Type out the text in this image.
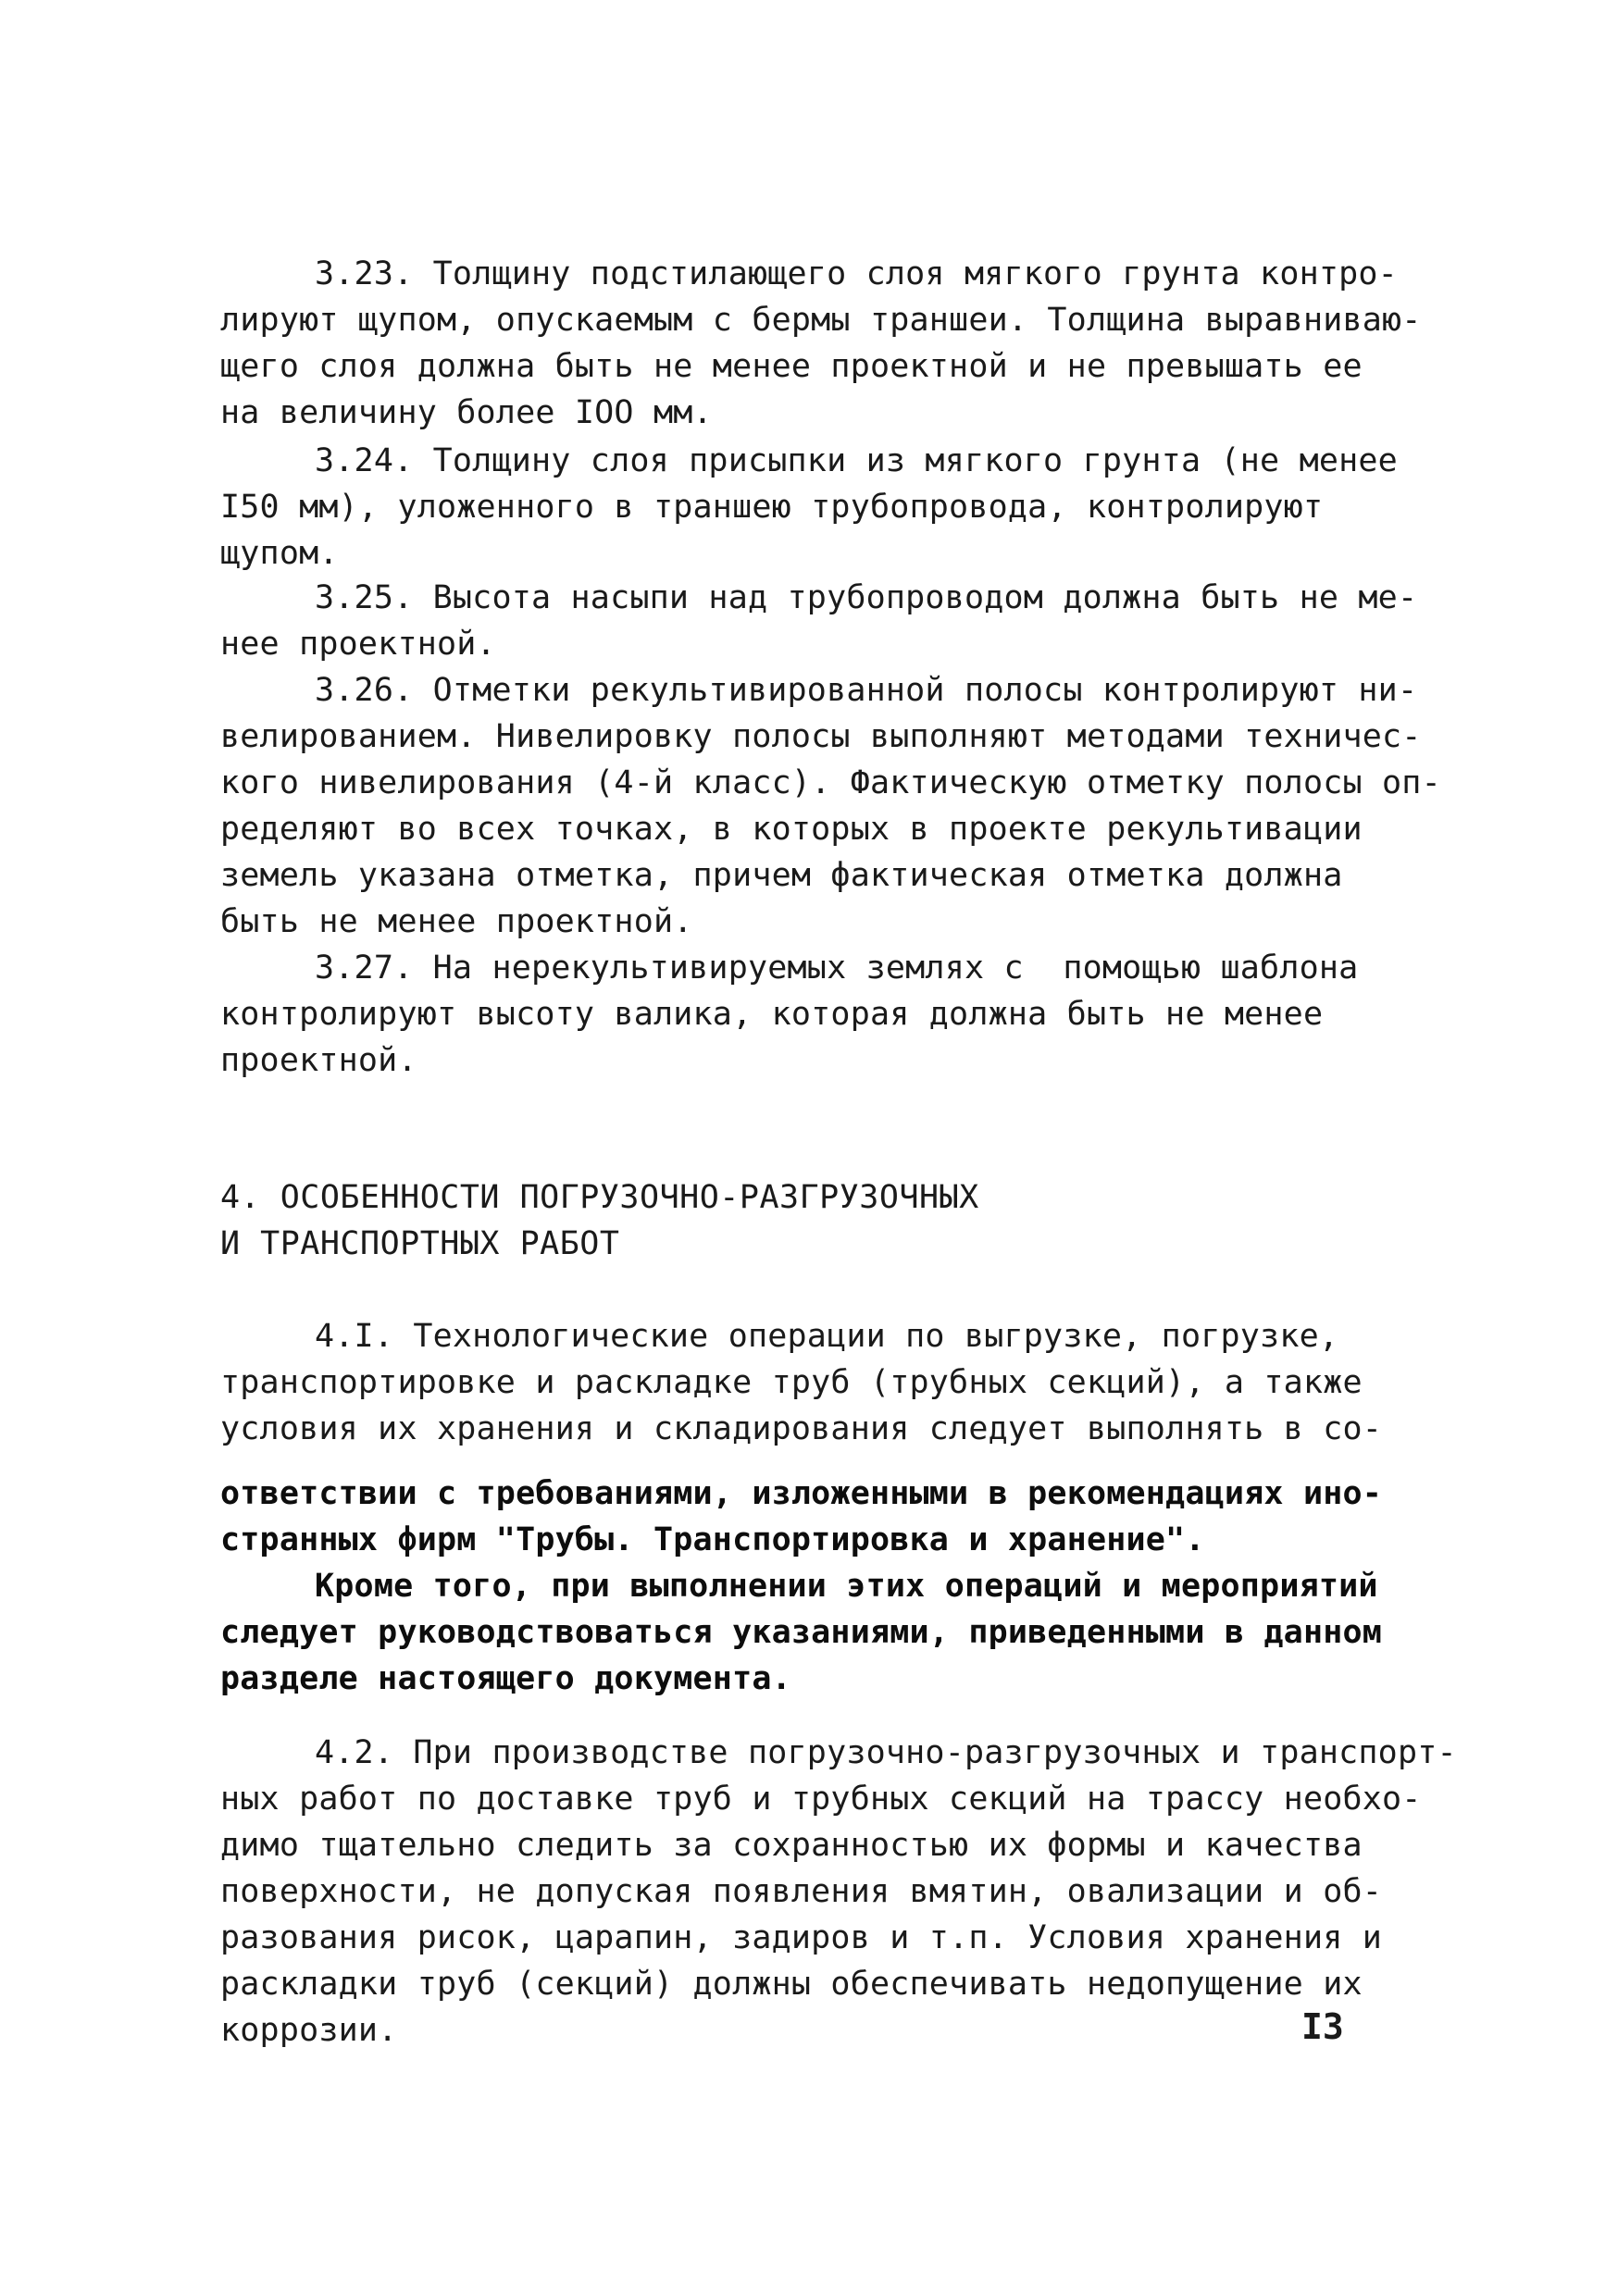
3.23. Толщину подстилающего слоя мягкого грунта контро-
лируют щупом, опускаемым с бермы траншеи. Толщина выравниваю-
щего слоя должна быть не менее проектной и не превышать ее
на величину более IOO мм.
3.24. Толщину слоя присыпки из мягкого грунта (не менее
I50 мм), уложенного в траншею трубопровода, контролируют
щупом.
3.25. Высота насыпи над трубопроводом должна быть не ме-
нее проектной.
3.26. Отметки рекультивированной полосы контролируют ни-
велированием. Нивелировку полосы выполняют методами техничес-
кого нивелирования (4-й класс). Фактическую отметку полосы оп-
ределяют во всех точках, в которых в проекте рекультивации
земель указана отметка, причем фактическая отметка должна
быть не менее проектной.
3.27. На нерекультивируемых землях с  помощью шаблона
контролируют высоту валика, которая должна быть не менее
проектной.
4. ОСОБЕННОСТИ ПОГРУЗОЧНО-РАЗГРУЗОЧНЫХ
И ТРАНСПОРТНЫХ РАБОТ
4.I. Технологические операции по выгрузке, погрузке,
транспортировке и раскладке труб (трубных секций), а также
условия их хранения и складирования следует выполнять в со-
ответствии с требованиями, изложенными в рекомендациях ино-
странных фирм "Трубы. Транспортировка и хранение".
Кроме того, при выполнении этих операций и мероприятий
следует руководствоваться указаниями, приведенными в данном
разделе настоящего документа.
4.2. При производстве погрузочно-разгрузочных и транспорт-
ных работ по доставке труб и трубных секций на трассу необхо-
димо тщательно следить за сохранностью их формы и качества
поверхности, не допуская появления вмятин, овализации и об-
разования рисок, царапин, задиров и т.п. Условия хранения и
раскладки труб (секций) должны обеспечивать недопущение их
коррозии.	I3
